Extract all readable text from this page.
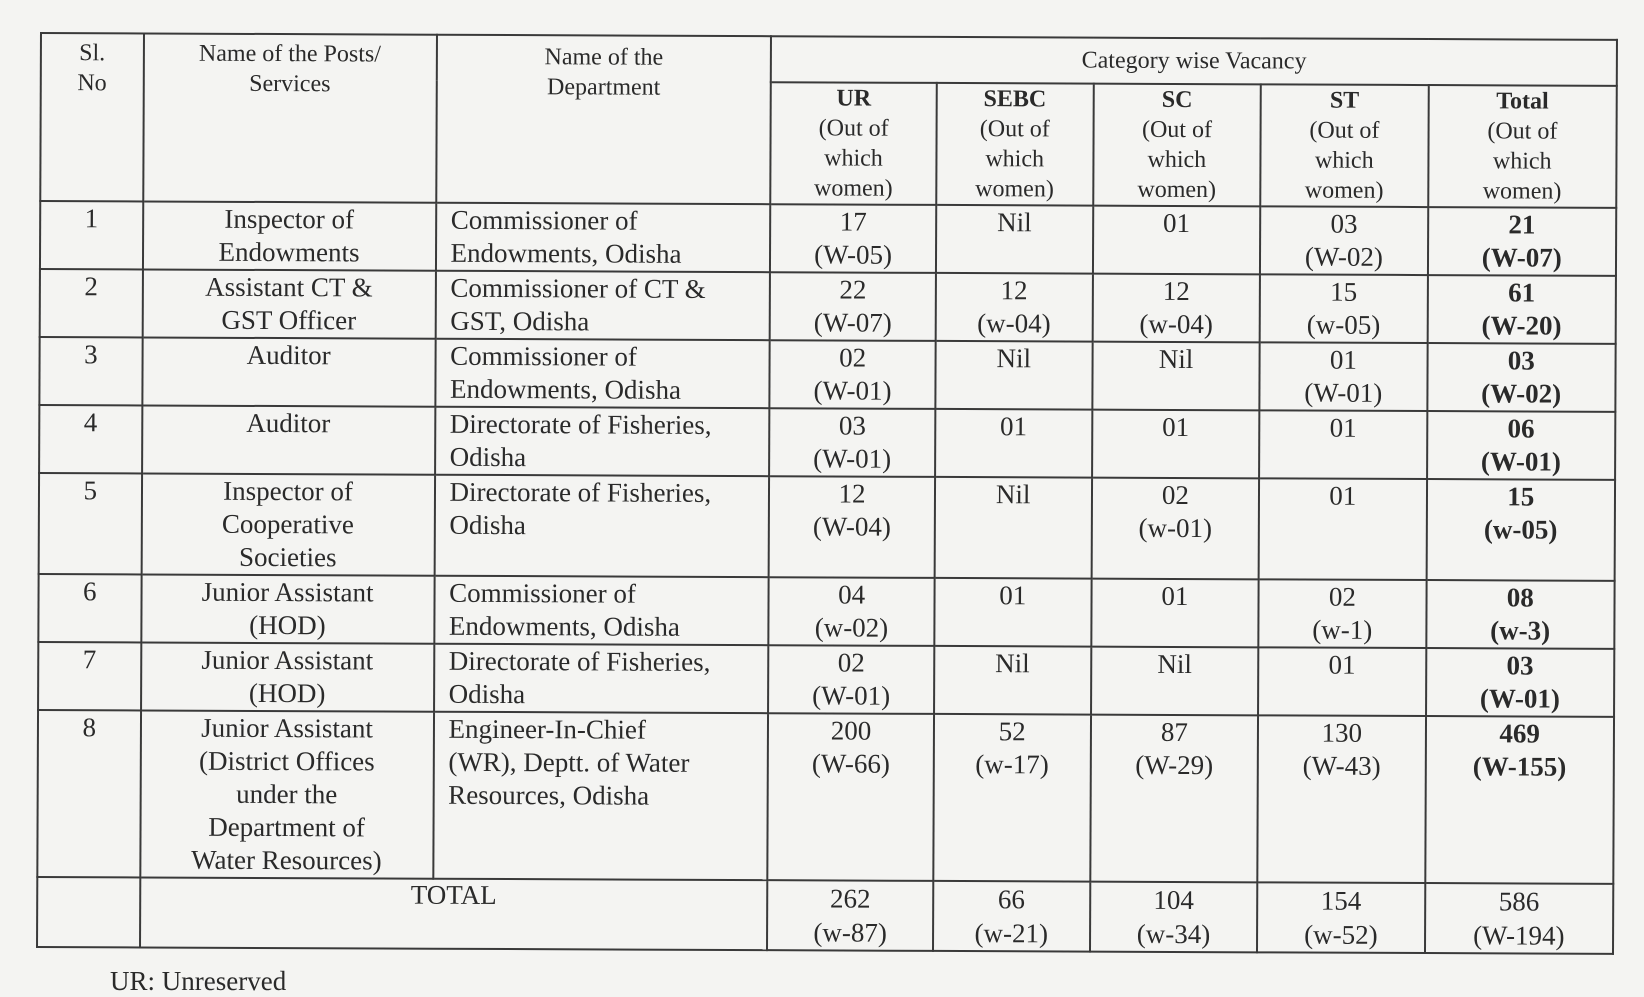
Sl.
No	Name of the Posts/
Services	Name of the
Department	Category wise Vacancy				

			UR
(Out of
which
women)	SEBC
(Out of
which
women)	SC
(Out of
which
women)	ST
(Out of
which
women)	Total
(Out of
which
women)

1	Inspector of
Endowments	Commissioner of
Endowments, Odisha	17
(W-05)	Nil	01	03
(W-02)	21
(W-07)

2	Assistant CT &
GST Officer	Commissioner of CT &
GST, Odisha	22
(W-07)	12
(w-04)	12
(w-04)	15
(w-05)	61
(W-20)

3	Auditor	Commissioner of
Endowments, Odisha	02
(W-01)	Nil	Nil	01
(W-01)	03
(W-02)

4	Auditor	Directorate of Fisheries,
Odisha	03
(W-01)	01	01	01	06
(W-01)

5	Inspector of
Cooperative
Societies	Directorate of Fisheries,
Odisha	12
(W-04)	Nil	02
(w-01)	01	15
(w-05)

6	Junior Assistant
(HOD)	Commissioner of
Endowments, Odisha	04
(w-02)	01	01	02
(w-1)	08
(w-3)

7	Junior Assistant
(HOD)	Directorate of Fisheries,
Odisha	02
(W-01)	Nil	Nil	01	03
(W-01)

8	Junior Assistant
(District Offices
under the
Department of
Water Resources)	Engineer-In-Chief
(WR), Deptt. of Water
Resources, Odisha	200
(W-66)	52
(w-17)	87
(W-29)	130
(W-43)	469
(W-155)

	TOTAL		262
(w-87)	66
(w-21)	104
(w-34)	154
(w-52)	586
(W-194)
UR: Unreserved
